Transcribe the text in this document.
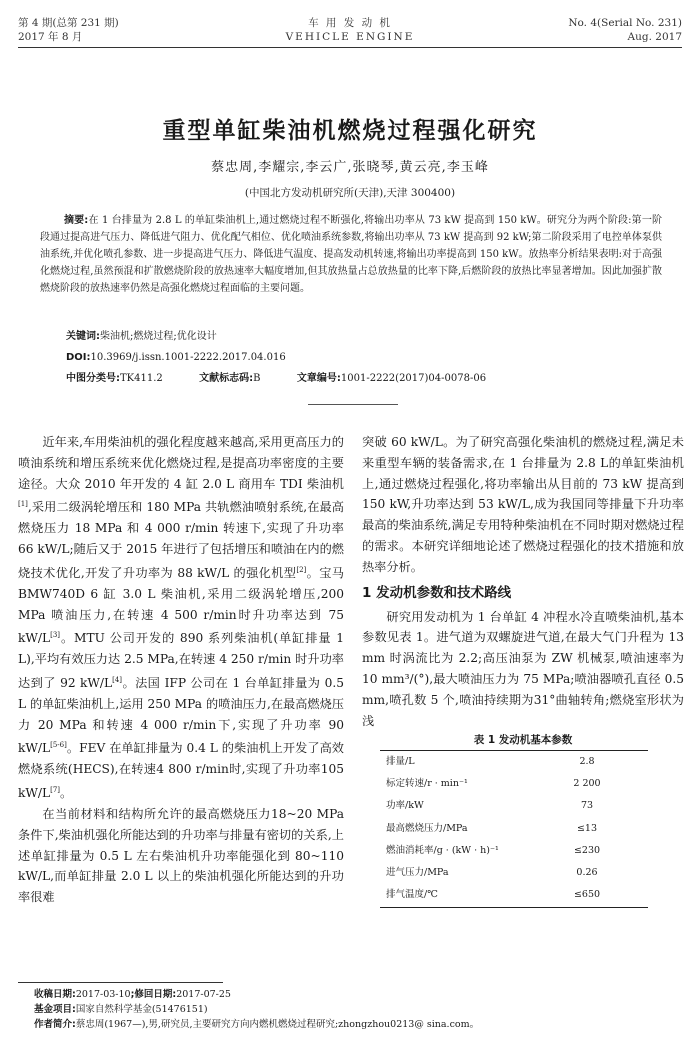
第 4 期(总第 231 期)
2017 年 8 月
车 用 发 动 机
VEHICLE ENGINE
No. 4(Serial No. 231)
Aug. 2017
重型单缸柴油机燃烧过程强化研究
蔡忠周,李耀宗,李云广,张晓琴,黄云亮,李玉峰
(中国北方发动机研究所(天津),天津 300400)
摘要:在 1 台排量为 2.8 L 的单缸柴油机上,通过燃烧过程不断强化,将输出功率从 73 kW 提高到 150 kW。研究分为两个阶段:第一阶段通过提高进气压力、降低进气阻力、优化配气相位、优化喷油系统参数,将输出功率从 73 kW 提高到 92 kW;第二阶段采用了电控单体泵供油系统,并优化喷孔参数、进一步提高进气压力、降低进气温度、提高发动机转速,将输出功率提高到 150 kW。放热率分析结果表明:对于高强化燃烧过程,虽然预混和扩散燃烧阶段的放热速率大幅度增加,但其放热量占总放热量的比率下降,后燃阶段的放热比率显著增加。因此加强扩散燃烧阶段的放热速率仍然是高强化燃烧过程面临的主要问题。
关键词:柴油机;燃烧过程;优化设计
DOI:10.3969/j.issn.1001-2222.2017.04.016
中图分类号:TK411.2	文献标志码:B	文章编号:1001-2222(2017)04-0078-06

近年来,车用柴油机的强化程度越来越高,采用更高压力的喷油系统和增压系统来优化燃烧过程,是提高功率密度的主要途径。大众 2010 年开发的 4 缸 2.0 L 商用车 TDI 柴油机[1],采用二级涡轮增压和 180 MPa 共轨燃油喷射系统,在最高燃烧压力 18 MPa 和 4 000 r/min 转速下,实现了升功率 66 kW/L;随后又于 2015 年进行了包括增压和喷油在内的燃烧技术优化,开发了升功率为 88 kW/L 的强化机型[2]。宝马 BMW740D 6 缸 3.0 L 柴油机,采用二级涡轮增压,200 MPa 喷油压力,在转速 4 500 r/min时升功率达到 75 kW/L[3]。MTU 公司开发的 890 系列柴油机(单缸排量 1 L),平均有效压力达 2.5 MPa,在转速 4 250 r/min 时升功率达到了 92 kW/L[4]。法国 IFP 公司在 1 台单缸排量为 0.5 L 的单缸柴油机上,运用 250 MPa 的喷油压力,在最高燃烧压力 20 MPa 和转速 4 000 r/min下,实现了升功率 90 kW/L[5-6]。FEV 在单缸排量为 0.4 L 的柴油机上开发了高效燃烧系统(HECS),在转速4 800 r/min时,实现了升功率105 kW/L[7]。

在当前材料和结构所允许的最高燃烧压力18~20 MPa条件下,柴油机强化所能达到的升功率与排量有密切的关系,上述单缸排量为 0.5 L 左右柴油机升功率能强化到 80~110 kW/L,而单缸排量 2.0 L 以上的柴油机强化所能达到的升功率很难

突破 60 kW/L。为了研究高强化柴油机的燃烧过程,满足未来重型车辆的装备需求,在 1 台排量为 2.8 L的单缸柴油机上,通过燃烧过程强化,将功率输出从目前的 73 kW 提高到 150 kW,升功率达到 53 kW/L,成为我国同等排量下升功率最高的柴油系统,满足专用特种柴油机在不同时期对燃烧过程的需求。本研究详细地论述了燃烧过程强化的技术措施和放热率分析。

1 发动机参数和技术路线

研究用发动机为 1 台单缸 4 冲程水冷直喷柴油机,基本参数见表 1。进气道为双螺旋进气道,在最大气门升程为 13 mm 时涡流比为 2.2;高压油泵为 ZW 机械泵,喷油速率为 10 mm³/(°),最大喷油压力为 75 MPa;喷油器喷孔直径 0.5 mm,喷孔数 5 个,喷油持续期为31°曲轴转角;燃烧室形状为浅

表 1 发动机基本参数
排量/L	2.8
标定转速/r · min⁻¹	2 200
功率/kW	73
最高燃烧压力/MPa	≤13
燃油消耗率/g · (kW · h)⁻¹	≤230
进气压力/MPa	0.26
排气温度/℃	≤650
收稿日期:2017-03-10;修回日期:2017-07-25
基金项目:国家自然科学基金(51476151)
作者简介:蔡忠周(1967—),男,研究员,主要研究方向内燃机燃烧过程研究;zhongzhou0213@ sina.com。
